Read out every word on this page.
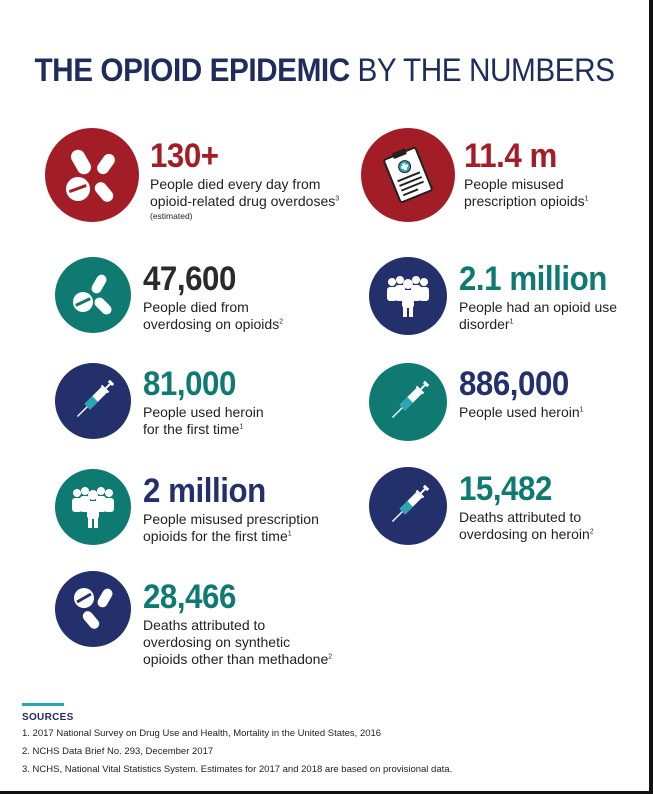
THE OPIOID EPIDEMIC BY THE NUMBERS
130+
People died every day from
opioid-related drug overdoses$^3$
(estimated)
11.4 m
People misused
prescription opioids$^1$
47,600
People died from
overdosing on opioids$^2$
2.1 million
People had an opioid use
disorder$^1$
81,000
People used heroin
for the first time$^1$
886,000
People used heroin$^1$
2 million
People misused prescription
opioids for the first time$^1$
15,482
Deaths attributed to
overdosing on heroin$^2$
28,466
Deaths attributed to
overdosing on synthetic
opioids other than methadone$^2$
SOURCES
1. 2017 National Survey on Drug Use and Health, Mortality in the United States, 2016
2. NCHS Data Brief No. 293, December 2017
3. NCHS, National Vital Statistics System. Estimates for 2017 and 2018 are based on provisional data.
